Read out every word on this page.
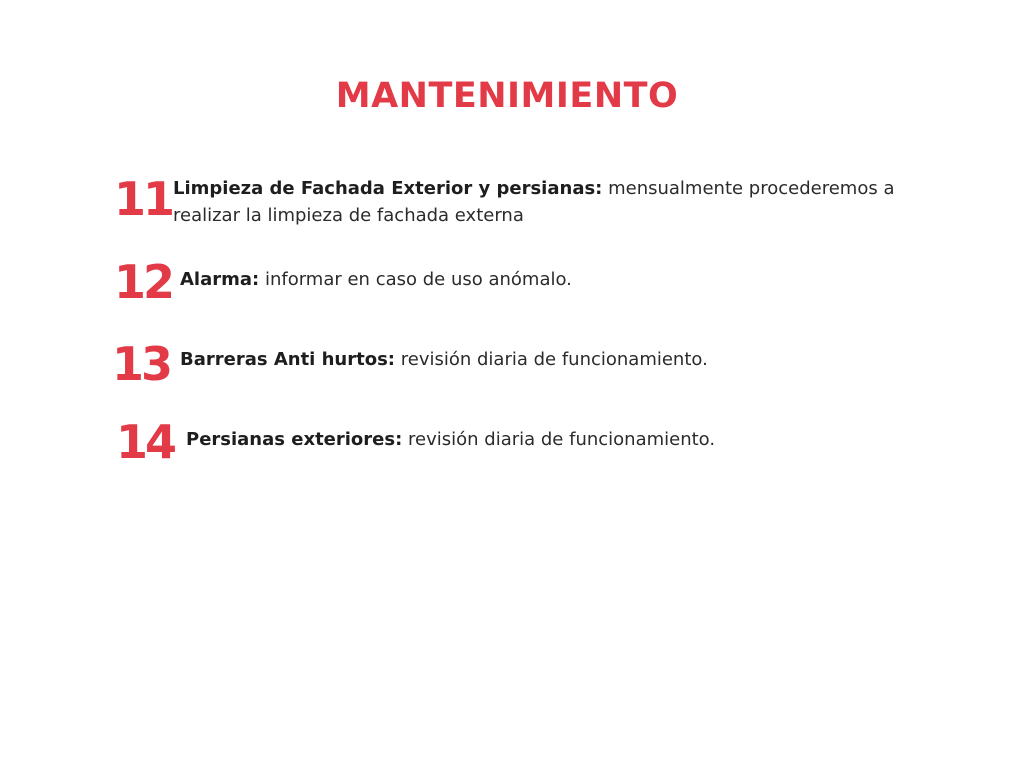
MANTENIMIENTO
11 Limpieza de Fachada Exterior y persianas: mensualmente procederemos a realizar la limpieza de fachada externa

12 Alarma: informar en caso de uso anómalo.

13 Barreras Anti hurtos: revisión diaria de funcionamiento.

14 Persianas exteriores: revisión diaria de funcionamiento.
